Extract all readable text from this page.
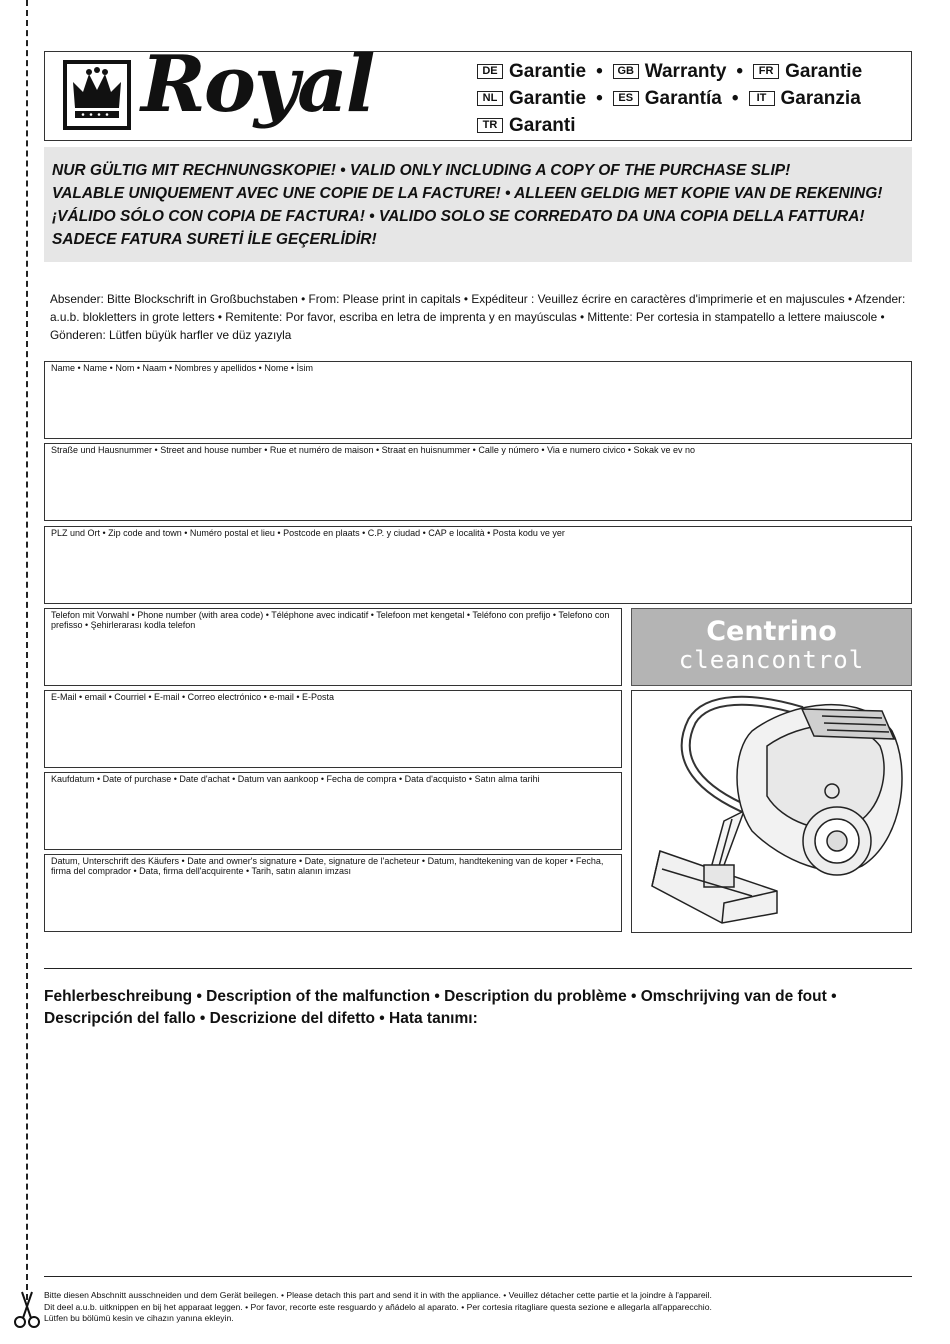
Royal	DE Garantie •	GB Warranty •	FR Garantie
NL Garantie •	ES Garantía •	IT Garanzia
TR Garanti
NUR GÜLTIG MIT RECHNUNGSKOPIE! • VALID ONLY INCLUDING A COPY OF THE PURCHASE SLIP!
VALABLE UNIQUEMENT AVEC UNE COPIE DE LA FACTURE! • ALLEEN GELDIG MET KOPIE VAN DE REKENING!
¡VÁLIDO SÓLO CON COPIA DE FACTURA! • VALIDO SOLO SE CORREDATO DA UNA COPIA DELLA FATTURA!
SADECE FATURA SURETİ İLE GEÇERLİDİR!
Absender: Bitte Blockschrift in Großbuchstaben • From: Please print in capitals • Expéditeur : Veuillez écrire en caractères d'imprimerie et en majuscules • Afzender: a.u.b. blokletters in grote letters • Remitente: Por favor, escriba en letra de imprenta y en mayúsculas • Mittente: Per cortesia in stampatello a lettere maiuscole • Gönderen: Lütfen büyük harfler ve düz yazıyla
Name • Name • Nom • Naam • Nombres y apellidos • Nome • İsim
Straße und Hausnummer • Street and house number • Rue et numéro de maison • Straat en huisnummer • Calle y número • Via e numero civico • Sokak ve ev no
PLZ und Ort • Zip code and town • Numéro postal et lieu • Postcode en plaats • C.P. y ciudad • CAP e località • Posta kodu ve yer
Telefon mit Vorwahl • Phone number (with area code) • Téléphone avec indicatif • Telefoon met kengetal • Teléfono con prefijo • Telefono con prefisso • Şehirlerarası kodla telefon
E-Mail • email • Courriel • E-mail • Correo electrónico • e-mail • E-Posta
Kaufdatum • Date of purchase • Date d'achat • Datum van aankoop • Fecha de compra • Data d'acquisto • Satın alma tarihi
Datum, Unterschrift des Käufers • Date and owner's signature • Date, signature de l'acheteur • Datum, handtekening van de koper • Fecha, firma del comprador • Data, firma dell'acquirente • Tarih, satın alanın imzası
Centrino
cleancontrol
Fehlerbeschreibung • Description of the malfunction • Description du problème • Omschrijving van de fout •
Descripción del fallo • Descrizione del difetto • Hata tanımı:
Bitte diesen Abschnitt ausschneiden und dem Gerät beilegen. • Please detach this part and send it in with the appliance. • Veuillez détacher cette partie et la joindre à l'appareil.
Dit deel a.u.b. uitknippen en bij het apparaat leggen. • Por favor, recorte este resguardo y añádelo al aparato. • Per cortesia ritagliare questa sezione e allegarla all'apparecchio.
Lütfen bu bölümü kesin ve cihazın yanına ekleyin.
